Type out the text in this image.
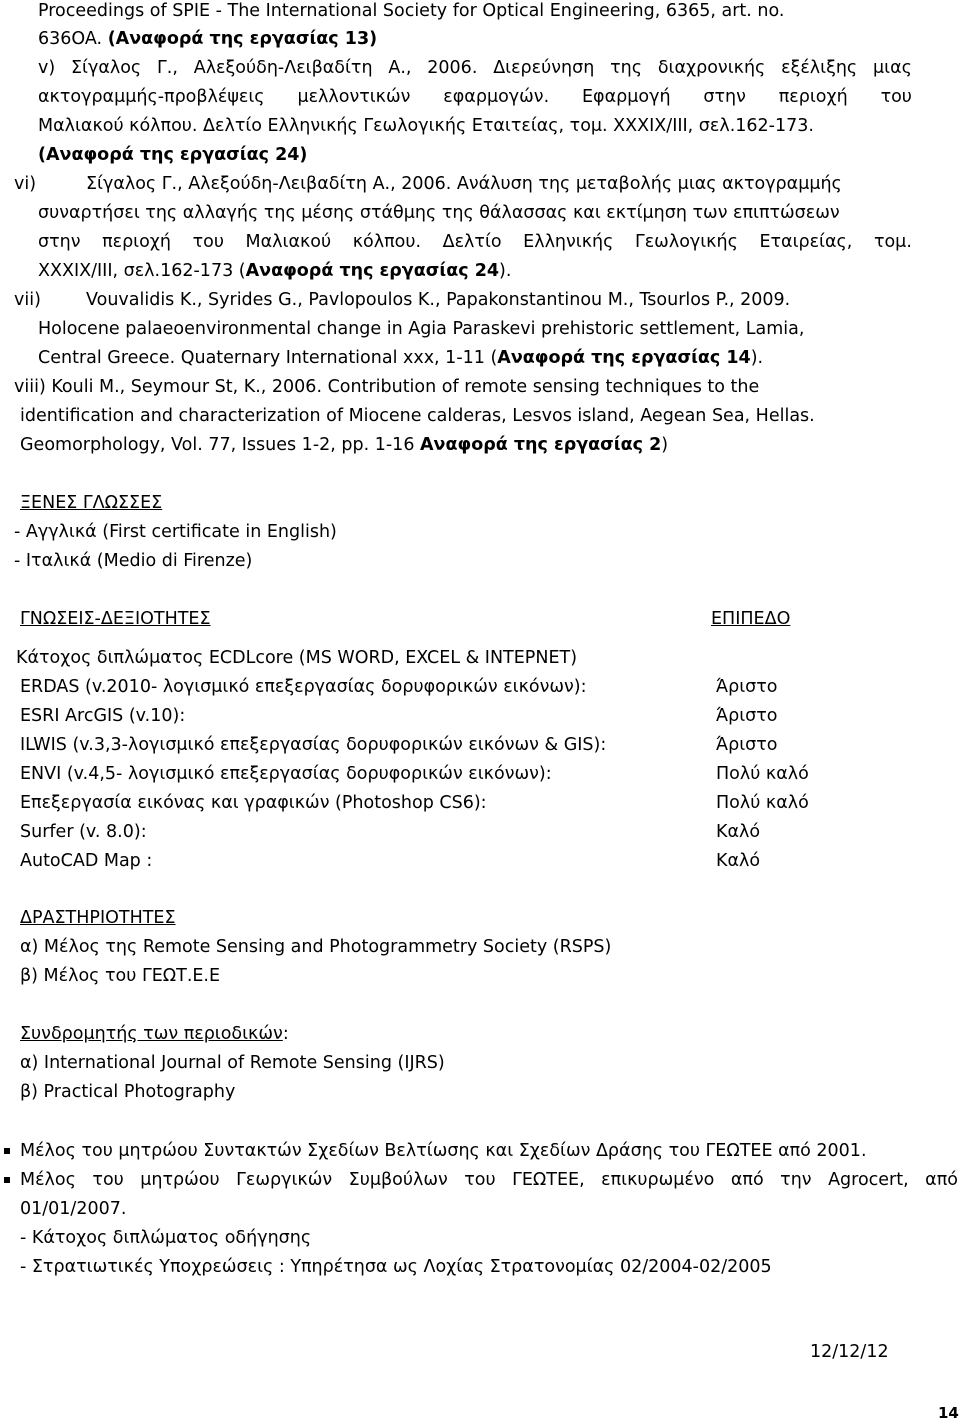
Proceedings of SPIE - The International Society for Optical Engineering, 6365, art. no.
636OA. (Αναφορά της εργασίας 13)
v) Σίγαλος Γ., Αλεξούδη-Λειβαδίτη Α., 2006. Διερεύνηση της διαχρονικής εξέλιξης μιας
ακτογραμμής-προβλέψεις μελλοντικών εφαρμογών. Εφαρμογή στην περιοχή του
Μαλιακού κόλπου. Δελτίο Ελληνικής Γεωλογικής Εταιτείας, τομ. XXXIX/III, σελ.162-173.
(Αναφορά της εργασίας 24)
vi)	Σίγαλος Γ., Αλεξούδη-Λειβαδίτη Α., 2006. Ανάλυση της μεταβολής μιας ακτογραμμής
συναρτήσει της αλλαγής της μέσης στάθμης της θάλασσας και εκτίμηση των επιπτώσεων
στην περιοχή του Μαλιακού κόλπου. Δελτίο Ελληνικής Γεωλογικής Εταιρείας, τομ.
XXXIX/III, σελ.162-173 (Αναφορά της εργασίας 24).
vii)	Vouvalidis K., Syrides G., Pavlopoulos K., Papakonstantinou M., Tsourlos P., 2009.
Holocene palaeoenvironmental change in Agia Paraskevi prehistoric settlement, Lamia,
Central Greece. Quaternary International xxx, 1-11 (Αναφορά της εργασίας 14).
viii) Kouli M., Seymour St, K., 2006. Contribution of remote sensing techniques to the
identification and characterization of Miocene calderas, Lesvos island, Aegean Sea, Hellas.
Geomorphology, Vol. 77, Issues 1-2, pp. 1-16 Αναφορά της εργασίας 2)
ΞΕΝΕΣ ΓΛΩΣΣΕΣ
- Αγγλικά (First certificate in English)
- Ιταλικά (Medio di Firenze)
ΓΝΩΣΕΙΣ-ΔΕΞΙΟΤΗΤΕΣ	ΕΠΙΠΕΔΟ
Κάτοχος διπλώματος ECDLcore (MS WORD, EXCEL & ΙΝΤΕΡΝΕΤ)
ERDAS (v.2010- λογισμικό επεξεργασίας δορυφορικών εικόνων):	Άριστο
ESRI ArcGIS (v.10):	Άριστο
ILWIS (v.3,3-λογισμικό επεξεργασίας δορυφορικών εικόνων & GIS):	Άριστο
ENVI (v.4,5- λογισμικό επεξεργασίας δορυφορικών εικόνων):	Πολύ καλό
Επεξεργασία εικόνας και γραφικών (Photoshop CS6):	Πολύ καλό
Surfer (v. 8.0):	Καλό
AutoCAD Map :	Καλό
ΔΡΑΣΤΗΡΙΟΤΗΤΕΣ
α) Μέλος της Remote Sensing and Photogrammetry Society (RSPS)
β) Μέλος του ΓΕΩΤ.Ε.Ε
Συνδρομητής των περιοδικών:
α) International Journal of Remote Sensing (IJRS)
β) Practical Photography
Μέλος του μητρώου Συντακτών Σχεδίων Βελτίωσης και Σχεδίων Δράσης του ΓΕΩΤΕΕ από 2001.
Μέλος του μητρώου Γεωργικών Συμβούλων του ΓΕΩΤΕΕ, επικυρωμένο από την Agrocert, από
01/01/2007.
- Κάτοχος διπλώματος οδήγησης
- Στρατιωτικές Υποχρεώσεις : Υπηρέτησα ως Λοχίας Στρατονομίας 02/2004-02/2005
12/12/12
14
